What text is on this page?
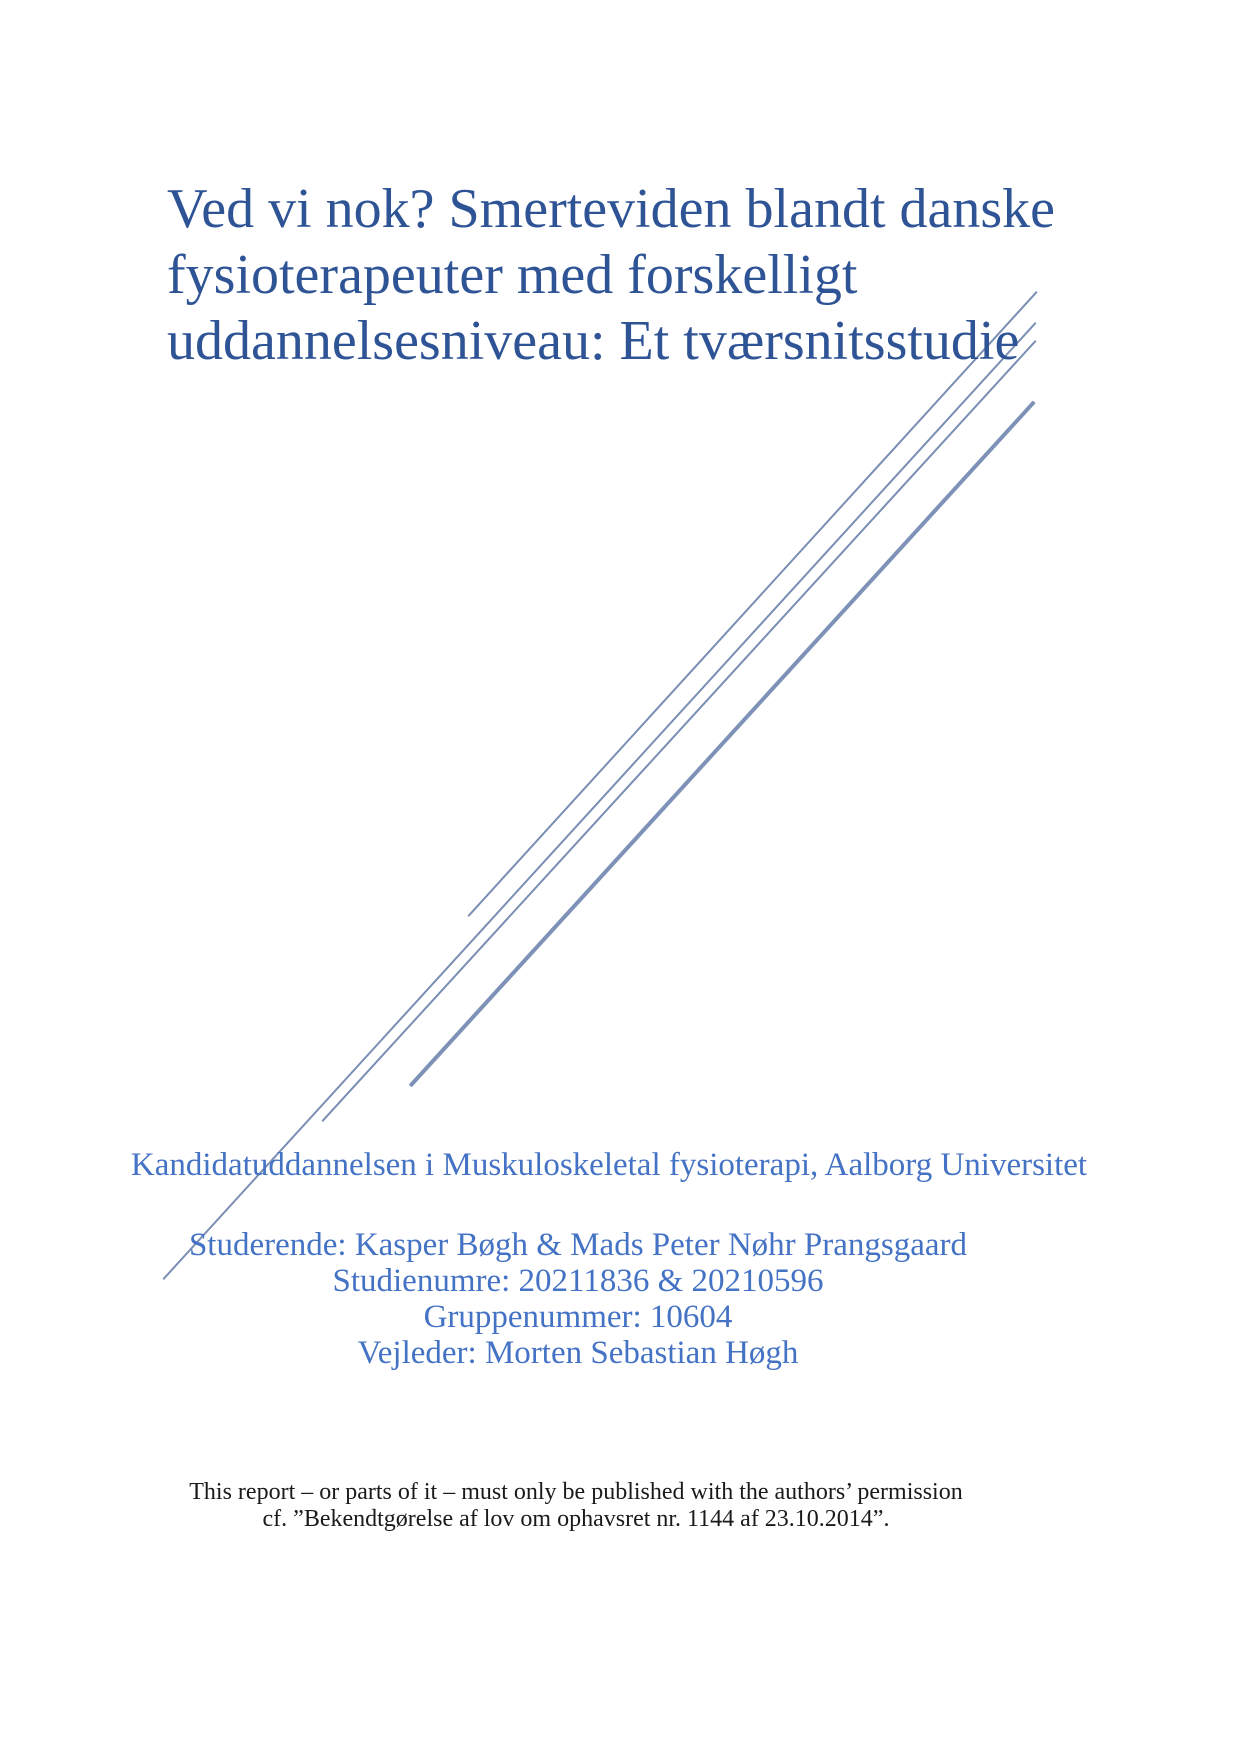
Ved vi nok? Smerteviden blandt danske
fysioterapeuter med forskelligt
uddannelsesniveau: Et tværsnitsstudie
Kandidatuddannelsen i Muskuloskeletal fysioterapi, Aalborg Universitet
Studerende: Kasper Bøgh & Mads Peter Nøhr Prangsgaard
Studienumre: 20211836 & 20210596
Gruppenummer: 10604
Vejleder: Morten Sebastian Høgh
This report – or parts of it – must only be published with the authors’ permission
cf. ”Bekendtgørelse af lov om ophavsret nr. 1144 af 23.10.2014”.
